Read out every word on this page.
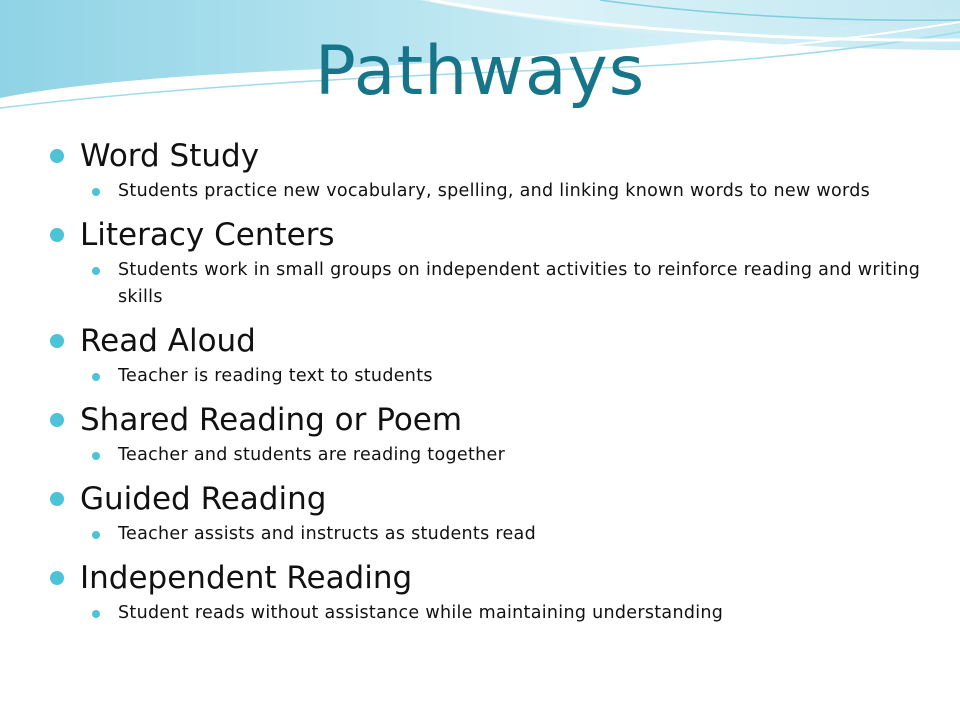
Pathways
Word Study
Students practice new vocabulary, spelling, and linking known words to new words
Literacy Centers
Students work in small groups on independent activities to reinforce reading and writing skills
Read Aloud
Teacher is reading text to students
Shared Reading or Poem
Teacher and students are reading together
Guided Reading
Teacher assists and instructs as students read
Independent Reading
Student reads without assistance while maintaining understanding
